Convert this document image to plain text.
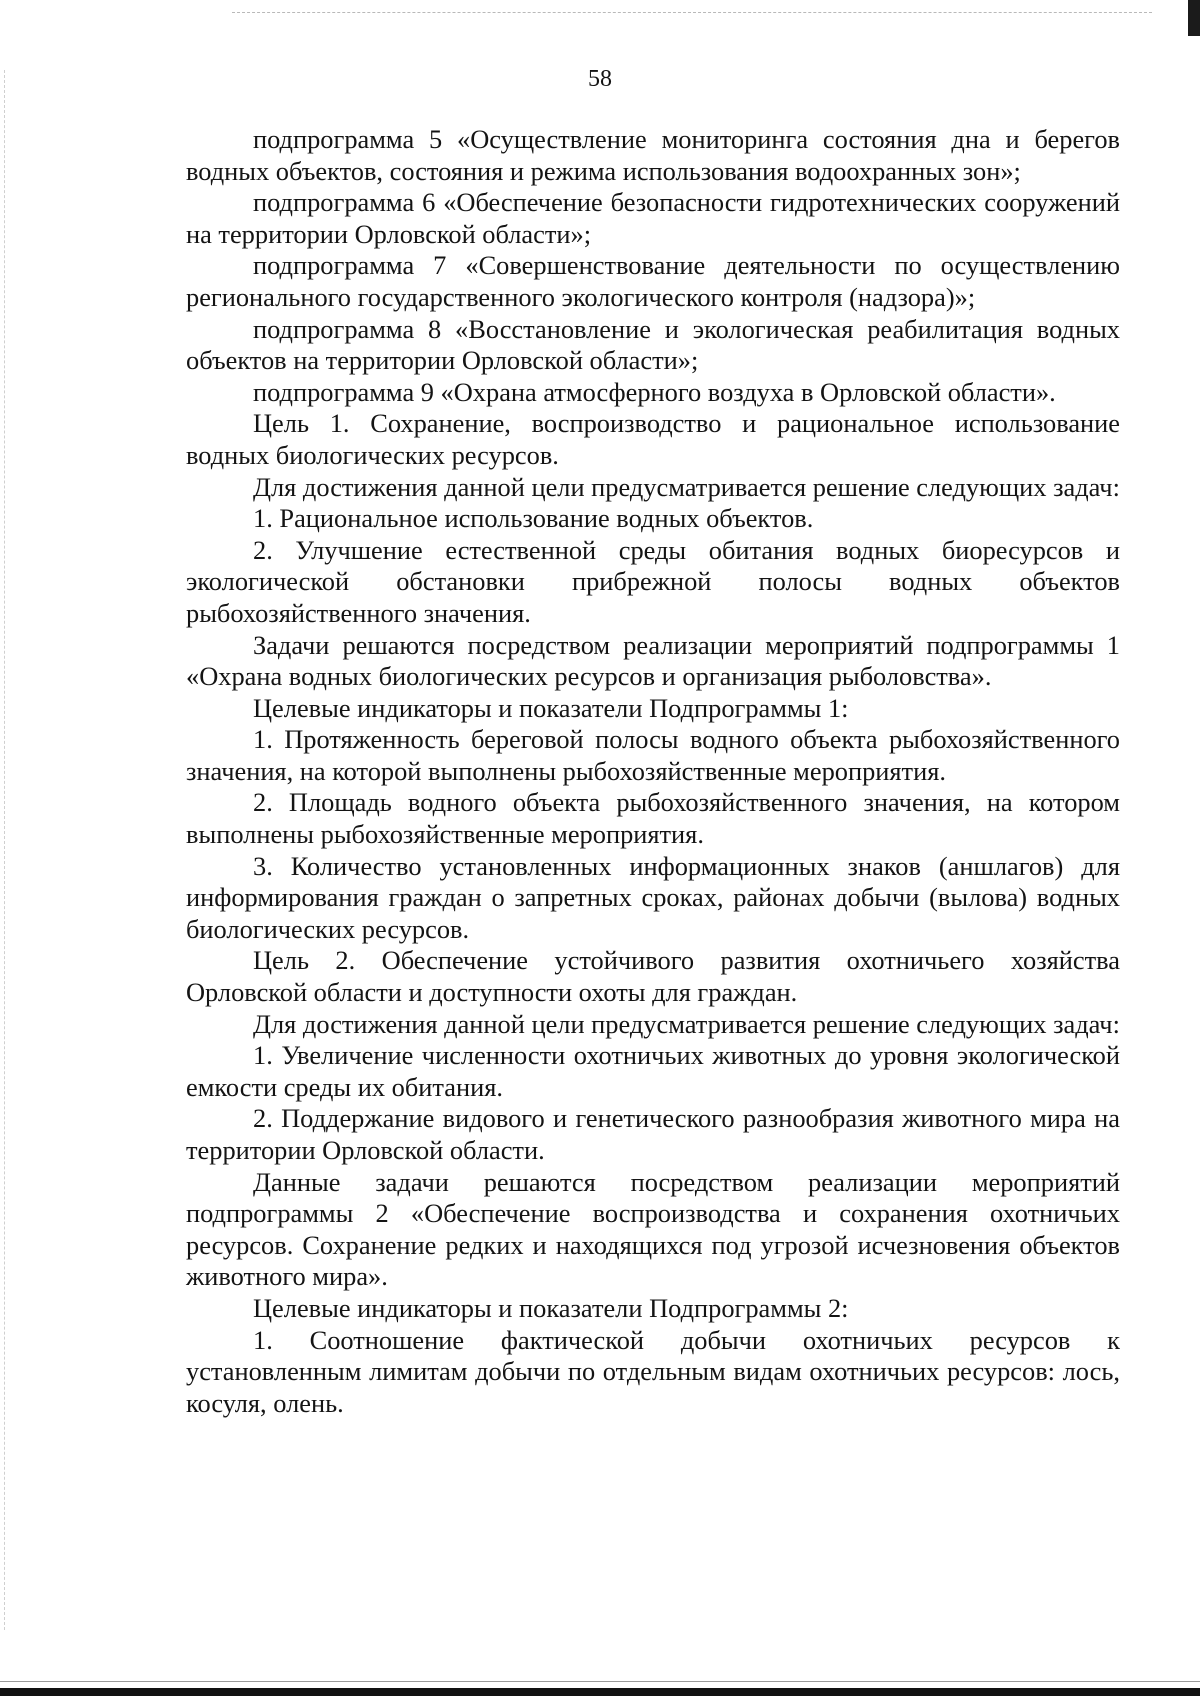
58

подпрограмма 5 «Осуществление мониторинга состояния дна и берегов водных объектов, состояния и режима использования водоохранных зон»;

подпрограмма 6 «Обеспечение безопасности гидротехнических сооружений на территории Орловской области»;

подпрограмма 7 «Совершенствование деятельности по осуществлению регионального государственного экологического контроля (надзора)»;

подпрограмма 8 «Восстановление и экологическая реабилитация водных объектов на территории Орловской области»;

подпрограмма 9 «Охрана атмосферного воздуха в Орловской области».

Цель 1. Сохранение, воспроизводство и рациональное использование водных биологических ресурсов.

Для достижения данной цели предусматривается решение следующих задач:

1. Рациональное использование водных объектов.

2. Улучшение естественной среды обитания водных биоресурсов и экологической обстановки прибрежной полосы водных объектов рыбохозяйственного значения.

Задачи решаются посредством реализации мероприятий подпрограммы 1 «Охрана водных биологических ресурсов и организация рыболовства».

Целевые индикаторы и показатели Подпрограммы 1:

1. Протяженность береговой полосы водного объекта рыбохозяйственного значения, на которой выполнены рыбохозяйственные мероприятия.

2. Площадь водного объекта рыбохозяйственного значения, на котором выполнены рыбохозяйственные мероприятия.

3. Количество установленных информационных знаков (аншлагов) для информирования граждан о запретных сроках, районах добычи (вылова) водных биологических ресурсов.

Цель 2. Обеспечение устойчивого развития охотничьего хозяйства Орловской области и доступности охоты для граждан.

Для достижения данной цели предусматривается решение следующих задач:

1. Увеличение численности охотничьих животных до уровня экологической емкости среды их обитания.

2. Поддержание видового и генетического разнообразия животного мира на территории Орловской области.

Данные задачи решаются посредством реализации мероприятий подпрограммы 2 «Обеспечение воспроизводства и сохранения охотничьих ресурсов. Сохранение редких и находящихся под угрозой исчезновения объектов животного мира».

Целевые индикаторы и показатели Подпрограммы 2:

1. Соотношение фактической добычи охотничьих ресурсов к установленным лимитам добычи по отдельным видам охотничьих ресурсов: лось, косуля, олень.
